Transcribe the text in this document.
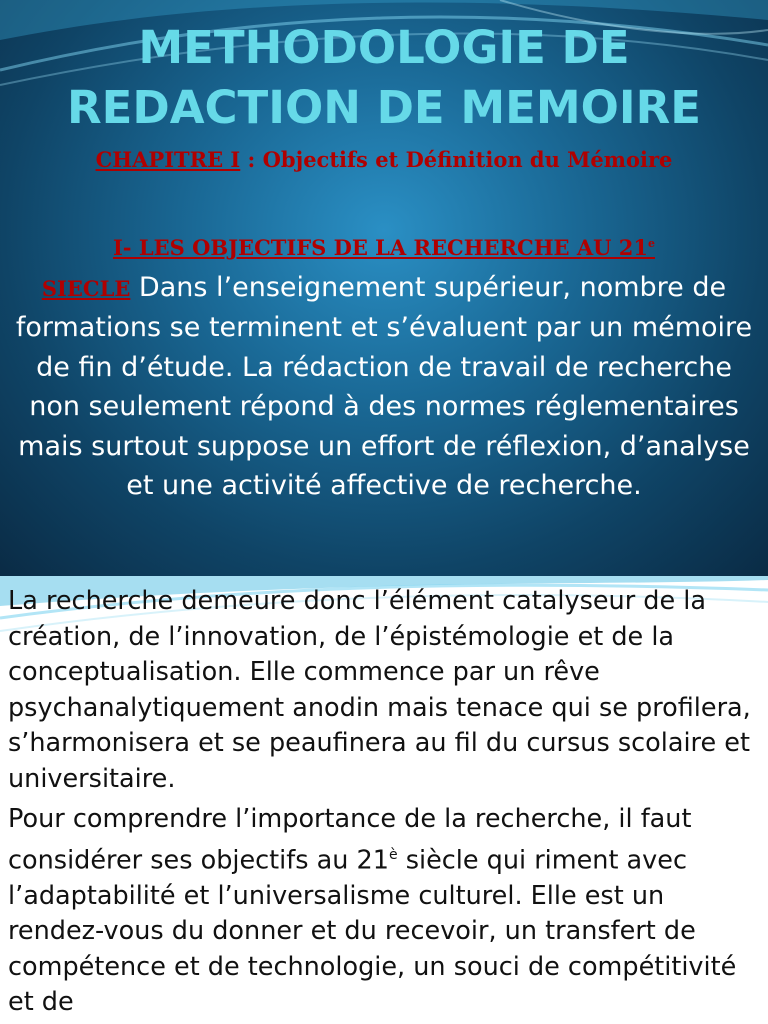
METHODOLOGIE DE
REDACTION DE MEMOIRE
CHAPITRE I : Objectifs et Définition du Mémoire
I- LES OBJECTIFS DE LA RECHERCHE AU 21e
SIECLE Dans l’enseignement supérieur, nombre de formations se terminent et s’évaluent par un mémoire de fin d’étude. La rédaction de travail de recherche non seulement répond à des normes réglementaires mais surtout suppose un effort de réflexion, d’analyse et une activité affective de recherche.

La recherche demeure donc l’élément catalyseur de la création, de l’innovation, de l’épistémologie et de la conceptualisation. Elle commence par un rêve psychanalytiquement anodin mais tenace qui se profilera, s’harmonisera et se peaufinera au fil du cursus scolaire et universitaire.

Pour comprendre l’importance de la recherche, il faut considérer ses objectifs au $21^è$ siècle qui riment avec l’adaptabilité et l’universalisme culturel. Elle est un rendez-vous du donner et du recevoir, un transfert de compétence et de technologie, un souci de compétitivité et de
